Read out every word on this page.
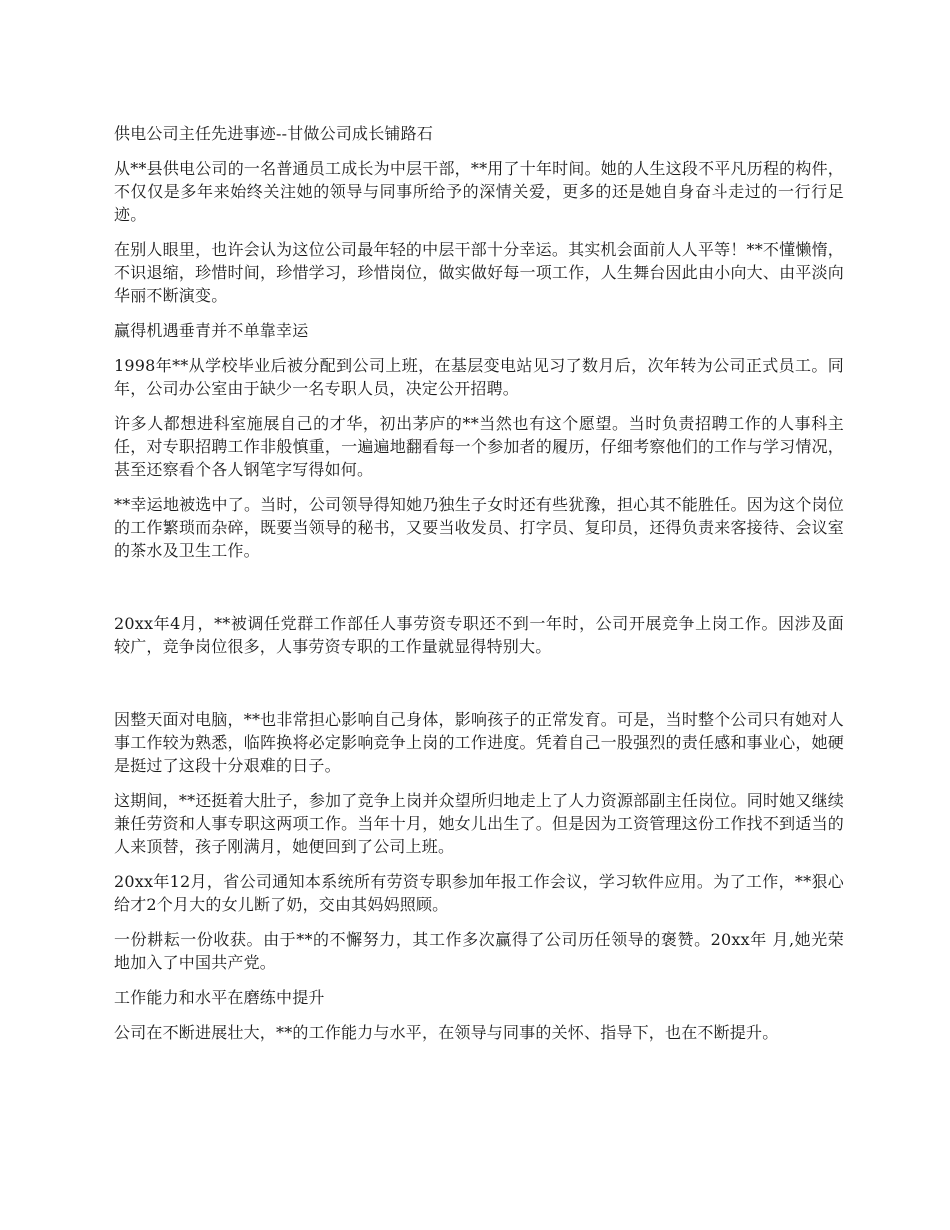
供电公司主任先进事迹--甘做公司成长铺路石

从**县供电公司的一名普通员工成长为中层干部，**用了十年时间。她的人生这段不平凡历程的构件，不仅仅是多年来始终关注她的领导与同事所给予的深情关爱，更多的还是她自身奋斗走过的一行行足迹。

在别人眼里，也许会认为这位公司最年轻的中层干部十分幸运。其实机会面前人人平等！**不懂懒惰，不识退缩，珍惜时间，珍惜学习，珍惜岗位，做实做好每一项工作，人生舞台因此由小向大、由平淡向华丽不断演变。

赢得机遇垂青并不单靠幸运

1998年**从学校毕业后被分配到公司上班，在基层变电站见习了数月后，次年转为公司正式员工。同年，公司办公室由于缺少一名专职人员，决定公开招聘。

许多人都想进科室施展自己的才华，初出茅庐的**当然也有这个愿望。当时负责招聘工作的人事科主任，对专职招聘工作非般慎重，一遍遍地翻看每一个参加者的履历，仔细考察他们的工作与学习情况，甚至还察看个各人钢笔字写得如何。

**幸运地被选中了。当时，公司领导得知她乃独生子女时还有些犹豫，担心其不能胜任。因为这个岗位的工作繁琐而杂碎，既要当领导的秘书，又要当收发员、打字员、复印员，还得负责来客接待、会议室的茶水及卫生工作。

20xx年4月，**被调任党群工作部任人事劳资专职还不到一年时，公司开展竞争上岗工作。因涉及面较广，竞争岗位很多，人事劳资专职的工作量就显得特别大。

因整天面对电脑，**也非常担心影响自己身体，影响孩子的正常发育。可是，当时整个公司只有她对人事工作较为熟悉，临阵换将必定影响竞争上岗的工作进度。凭着自己一股强烈的责任感和事业心，她硬是挺过了这段十分艰难的日子。

这期间，**还挺着大肚子，参加了竞争上岗并众望所归地走上了人力资源部副主任岗位。同时她又继续兼任劳资和人事专职这两项工作。当年十月，她女儿出生了。但是因为工资管理这份工作找不到适当的人来顶替，孩子刚满月，她便回到了公司上班。

20xx年12月，省公司通知本系统所有劳资专职参加年报工作会议，学习软件应用。为了工作，**狠心给才2个月大的女儿断了奶，交由其妈妈照顾。

一份耕耘一份收获。由于**的不懈努力，其工作多次赢得了公司历任领导的褒赞。20xx年 月,她光荣地加入了中国共产党。

工作能力和水平在磨练中提升

公司在不断进展壮大，**的工作能力与水平，在领导与同事的关怀、指导下，也在不断提升。
